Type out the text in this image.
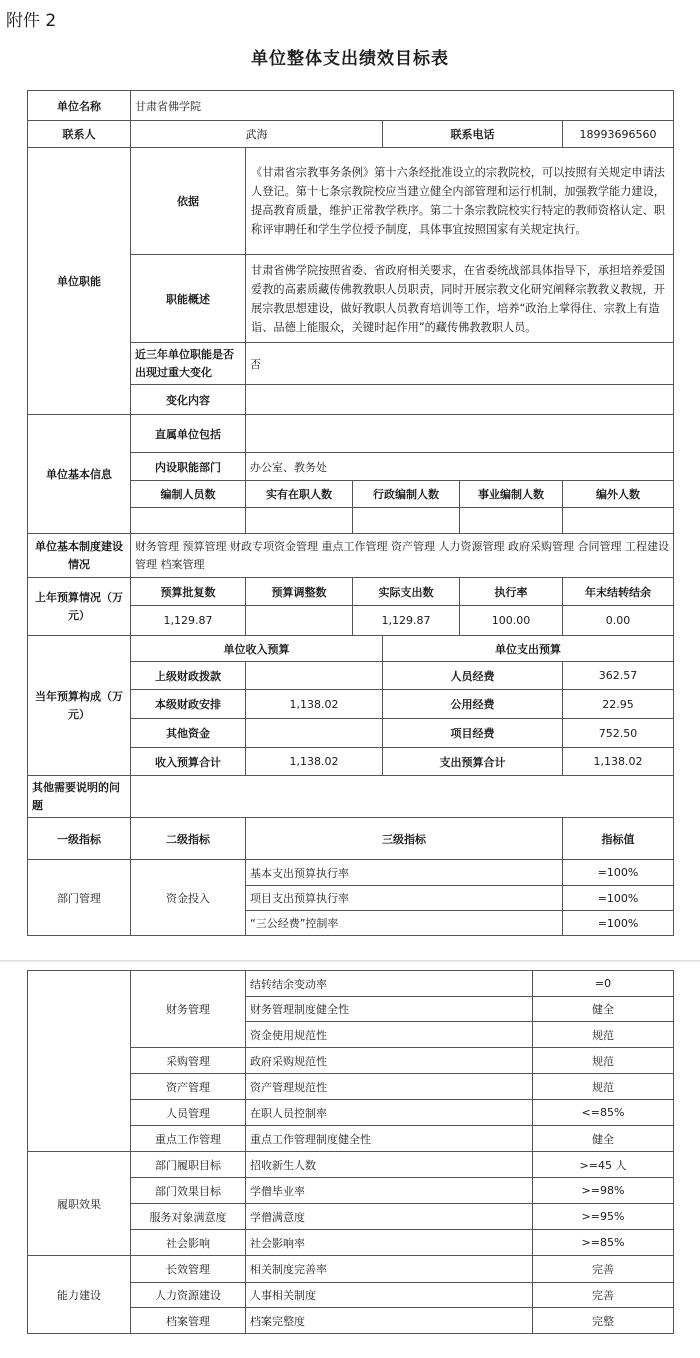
附件 2
单位整体支出绩效目标表
单位名称	甘肃省佛学院					
联系人	武海			联系电话		18993696560
单位职能	依据	《甘肃省宗教事务条例》第十六条经批准设立的宗教院校，可以按照有关规定申请法人登记。第十七条宗教院校应当建立健全内部管理和运行机制，加强教学能力建设，提高教育质量，维护正常教学秩序。第二十条宗教院校实行特定的教师资格认定、职称评审聘任和学生学位授予制度，具体事宜按照国家有关规定执行。				
	职能概述	甘肃省佛学院按照省委、省政府相关要求，在省委统战部具体指导下，承担培养爱国爱教的高素质藏传佛教教职人员职责，同时开展宗教文化研究阐释宗教教义教规，开展宗教思想建设，做好教职人员教育培训等工作，培养“政治上掌得住、宗教上有造诣、品德上能服众，关键时起作用”的藏传佛教教职人员。				
	近三年单位职能是否出现过重大变化	否				
	变化内容					
单位基本信息	直属单位包括					
	内设职能部门	办公室、教务处				
	编制人员数	实有在职人数	行政编制人数		事业编制人数	编外人数

单位基本制度建设情况	财务管理 预算管理 财政专项资金管理 重点工作管理 资产管理 人力资源管理 政府采购管理 合同管理 工程建设管理 档案管理					
上年预算情况（万元）	预算批复数	预算调整数	实际支出数		执行率	年末结转结余
	1,129.87		1,129.87		100.00	0.00
当年预算构成（万元）	单位收入预算			单位支出预算		
	上级财政拨款			人员经费		362.57
	本级财政安排	1,138.02		公用经费		22.95
	其他资金			项目经费		752.50
	收入预算合计	1,138.02		支出预算合计		1,138.02
其他需要说明的问题						
一级指标	二级指标	三级指标				指标值
部门管理	资金投入	基本支出预算执行率				=100%
		项目支出预算执行率				=100%
		“三公经费”控制率				=100%
	财务管理	结转结余变动率	=0
		财务管理制度健全性	健全
		资金使用规范性	规范
	采购管理	政府采购规范性	规范
	资产管理	资产管理规范性	规范
	人员管理	在职人员控制率	<=85%
	重点工作管理	重点工作管理制度健全性	健全
履职效果	部门履职目标	招收新生人数	>=45 人
	部门效果目标	学僧毕业率	>=98%
	服务对象满意度	学僧满意度	>=95%
	社会影响	社会影响率	>=85%
能力建设	长效管理	相关制度完善率	完善
	人力资源建设	人事相关制度	完善
	档案管理	档案完整度	完整
